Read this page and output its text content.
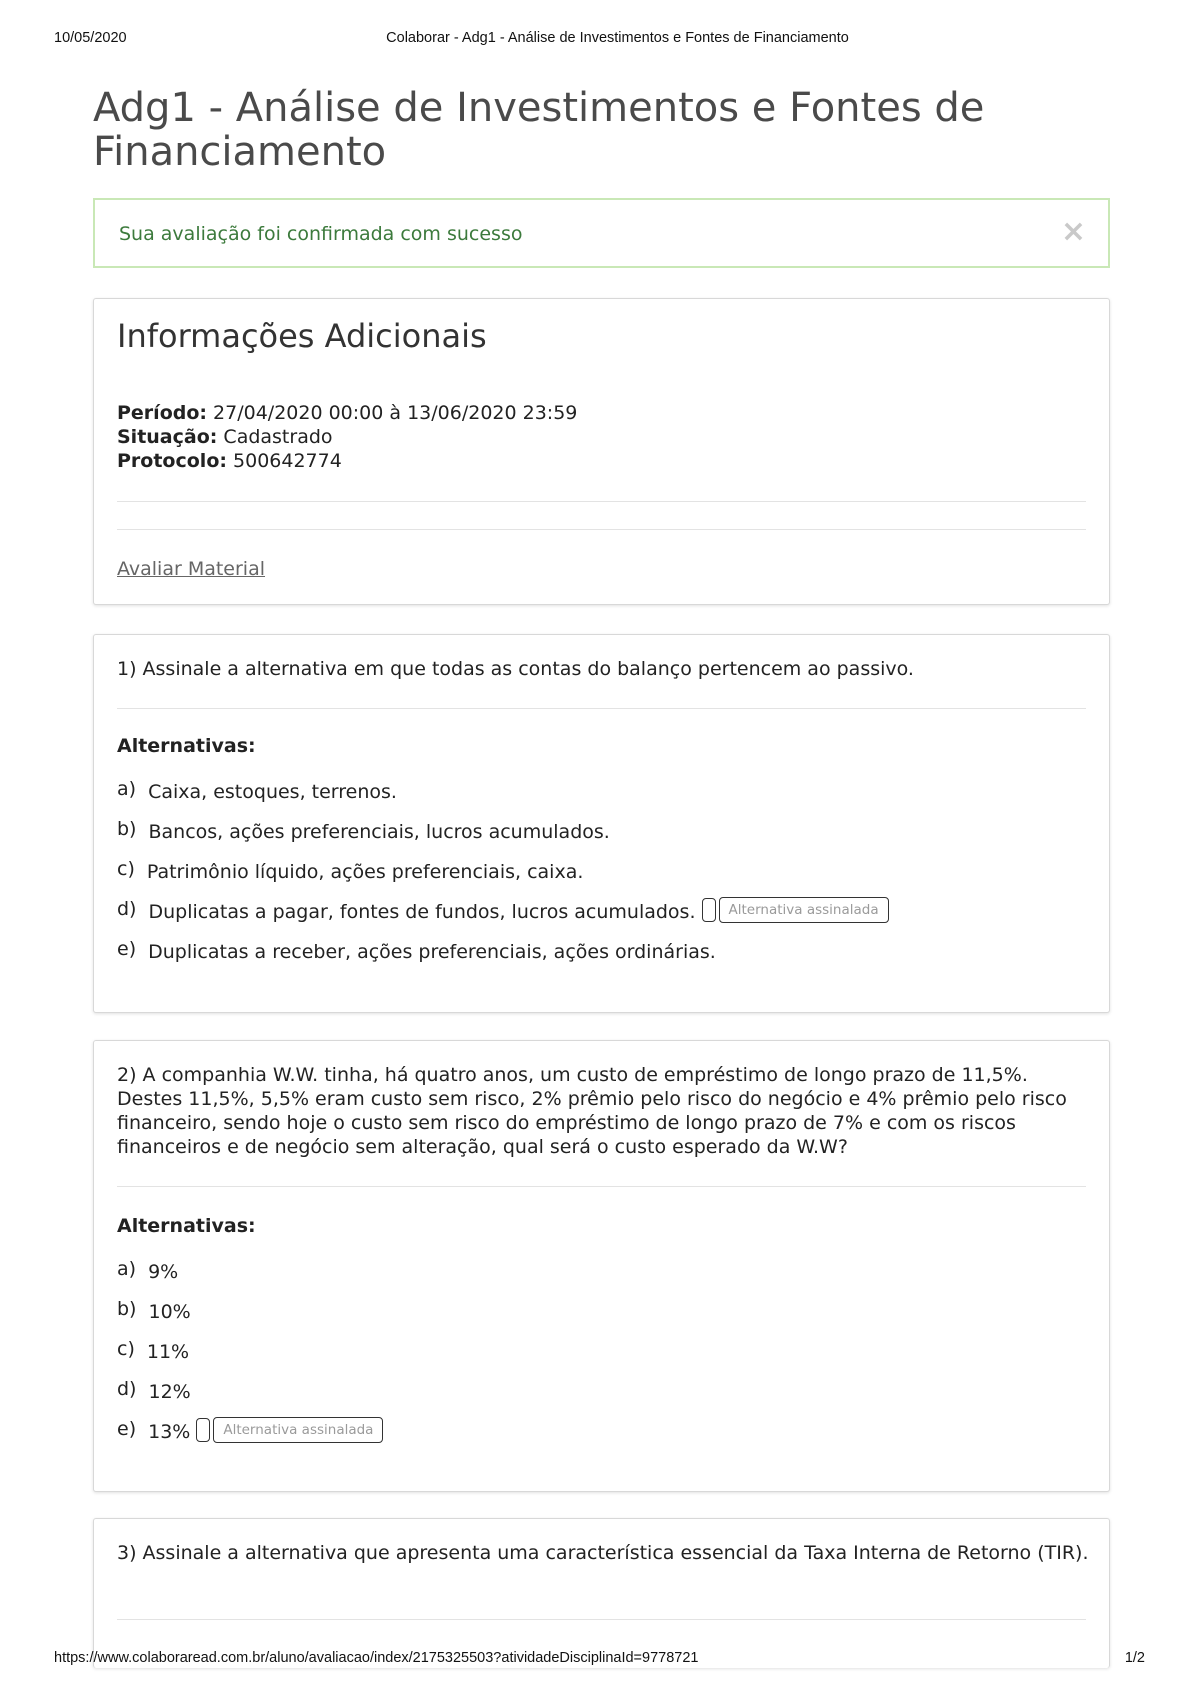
10/05/2020	Colaborar - Adg1 - Análise de Investimentos e Fontes de Financiamento
Adg1 - Análise de Investimentos e Fontes de Financiamento
Sua avaliação foi confirmada com sucesso	×
Informações Adicionais
Período: 27/04/2020 00:00 à 13/06/2020 23:59
Situação: Cadastrado
Protocolo: 500642774
Avaliar Material
1) Assinale a alternativa em que todas as contas do balanço pertencem ao passivo.
Alternativas:
a) Caixa, estoques, terrenos.
b) Bancos, ações preferenciais, lucros acumulados.
c) Patrimônio líquido, ações preferenciais, caixa.
d) Duplicatas a pagar, fontes de fundos, lucros acumulados.	Alternativa assinalada
e) Duplicatas a receber, ações preferenciais, ações ordinárias.
2) A companhia W.W. tinha, há quatro anos, um custo de empréstimo de longo prazo de 11,5%. Destes 11,5%, 5,5% eram custo sem risco, 2% prêmio pelo risco do negócio e 4% prêmio pelo risco financeiro, sendo hoje o custo sem risco do empréstimo de longo prazo de 7% e com os riscos financeiros e de negócio sem alteração, qual será o custo esperado da W.W?
Alternativas:
a) 9%
b) 10%
c) 11%
d) 12%
e) 13%	Alternativa assinalada
3) Assinale a alternativa que apresenta uma característica essencial da Taxa Interna de Retorno (TIR).
https://www.colaboraread.com.br/aluno/avaliacao/index/2175325503?atividadeDisciplinaId=9778721	1/2
